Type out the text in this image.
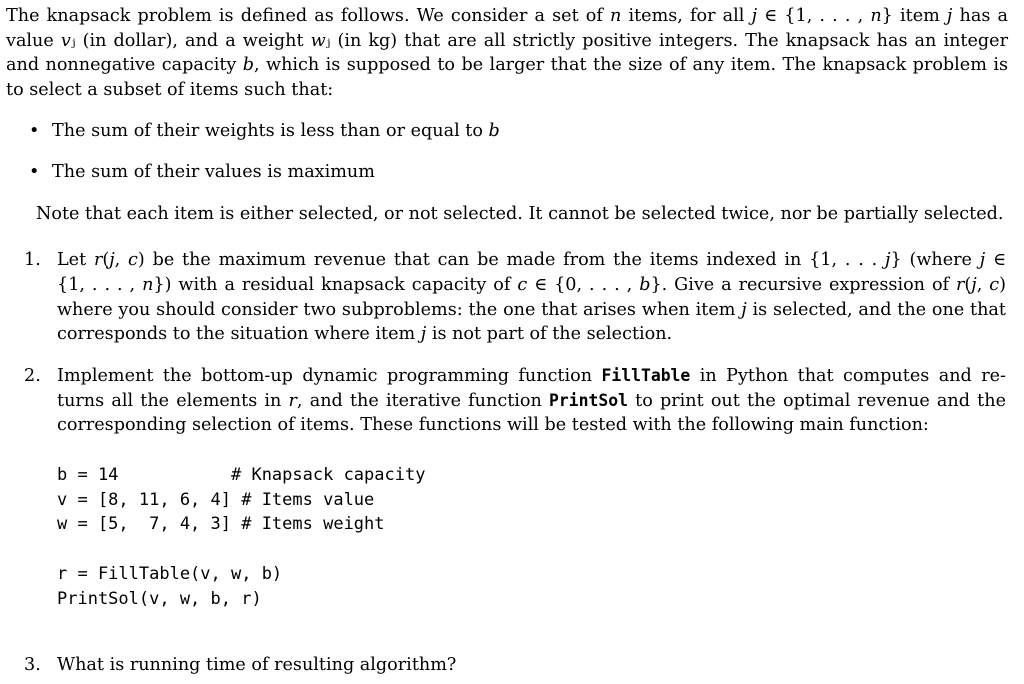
The knapsack problem is defined as follows. We consider a set of 𝑛 items, for all 𝑗 ∈ {1, . . . , 𝑛} item 𝑗 has a
value 𝑣ⱼ (in dollar), and a weight 𝑤ⱼ (in kg) that are all strictly positive integers. The knapsack has an integer
and nonnegative capacity 𝑏, which is supposed to be larger that the size of any item. The knapsack problem is
to select a subset of items such that:
• The sum of their weights is less than or equal to 𝑏
• The sum of their values is maximum
Note that each item is either selected, or not selected. It cannot be selected twice, nor be partially selected.
1. Let 𝑟(𝑗, 𝑐) be the maximum revenue that can be made from the items indexed in {1, . . . 𝑗} (where 𝑗 ∈
{1, . . . , 𝑛}) with a residual knapsack capacity of 𝑐 ∈ {0, . . . , 𝑏}. Give a recursive expression of 𝑟(𝑗, 𝑐)
where you should consider two subproblems: the one that arises when item 𝑗 is selected, and the one that
corresponds to the situation where item 𝑗 is not part of the selection.
2. Implement the bottom-up dynamic programming function FillTable in Python that computes and re-
turns all the elements in 𝑟, and the iterative function PrintSol to print out the optimal revenue and the
corresponding selection of items. These functions will be tested with the following main function:
b = 14           # Knapsack capacity
v = [8, 11, 6, 4] # Items value
w = [5,  7, 4, 3] # Items weight
r = FillTable(v, w, b)
PrintSol(v, w, b, r)
3. What is running time of resulting algorithm?
